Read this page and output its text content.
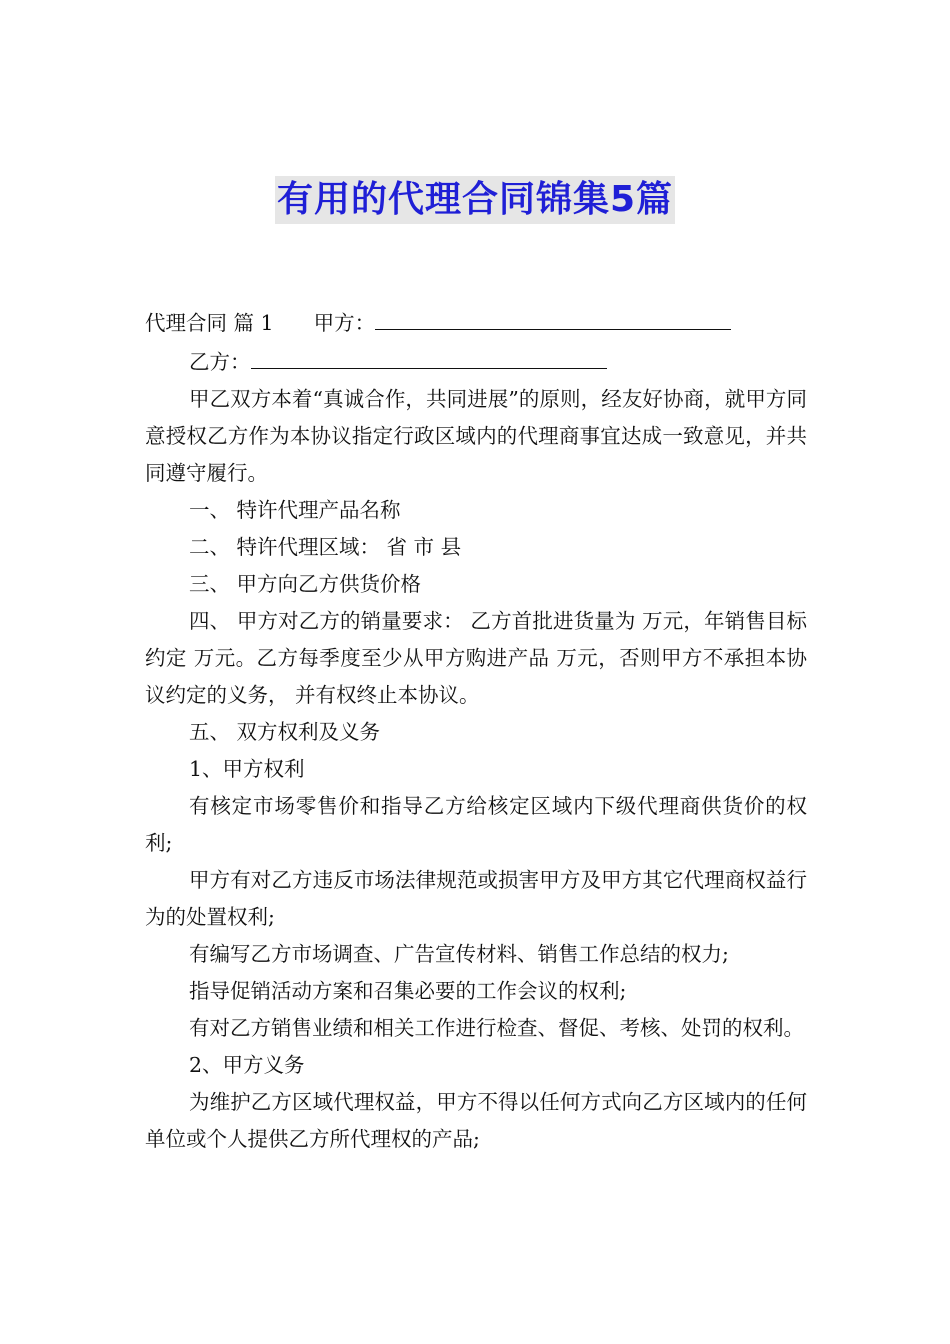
有用的代理合同锦集5篇

代理合同 篇 1 甲方：

乙方：

甲乙双方本着“真诚合作，共同进展”的原则，经友好协商，就甲方同意授权乙方作为本协议指定行政区域内的代理商事宜达成一致意见，并共同遵守履行。

一、 特许代理产品名称

二、 特许代理区域： 省 市 县

三、 甲方向乙方供货价格

四、 甲方对乙方的销量要求： 乙方首批进货量为 万元，年销售目标约定 万元。乙方每季度至少从甲方购进产品 万元，否则甲方不承担本协议约定的义务， 并有权终止本协议。

五、 双方权利及义务

1、甲方权利

有核定市场零售价和指导乙方给核定区域内下级代理商供货价的权利;

甲方有对乙方违反市场法律规范或损害甲方及甲方其它代理商权益行为的处置权利;

有编写乙方市场调查、广告宣传材料、销售工作总结的权力;

指导促销活动方案和召集必要的工作会议的权利;

有对乙方销售业绩和相关工作进行检查、督促、考核、处罚的权利。

2、甲方义务

为维护乙方区域代理权益，甲方不得以任何方式向乙方区域内的任何单位或个人提供乙方所代理权的产品;
